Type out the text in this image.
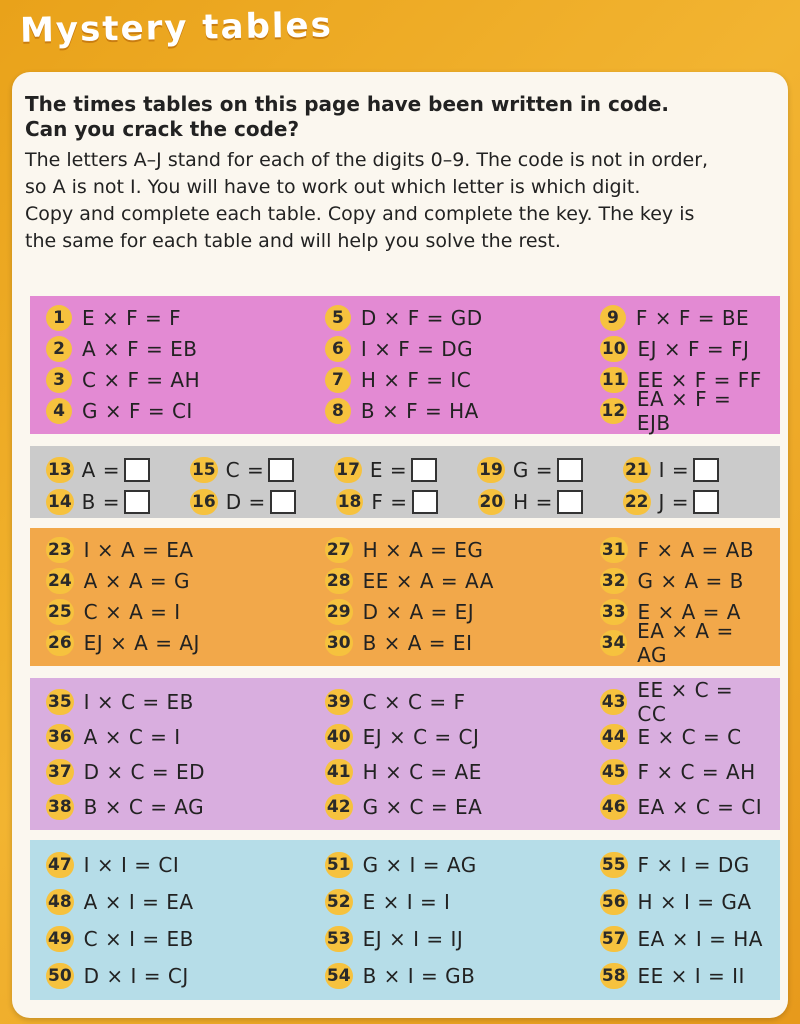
Mystery tables
The times tables on this page have been written in code.
Can you crack the code?

The letters A–J stand for each of the digits 0–9. The code is not in order,

so A is not I. You will have to work out which letter is which digit.

Copy and complete each table. Copy and complete the key. The key is

the same for each table and will help you solve the rest.

1 E × F = F
2 A × F = EB
3 C × F = AH
4 G × F = CI
5 D × F = GD
6 I × F = DG
7 H × F = IC
8 B × F = HA
9 F × F = BE
10 EJ × F = FJ
11 EE × F = FF
12 EA × F = EJB
13 A =	15 C =	17 E =	19 G =	21 I =
14 B =	16 D =	18 F =	20 H =	22 J =
23 I × A = EA
24 A × A = G
25 C × A = I
26 EJ × A = AJ
27 H × A = EG
28 EE × A = AA
29 D × A = EJ
30 B × A = EI
31 F × A = AB
32 G × A = B
33 E × A = A
34 EA × A = AG
35 I × C = EB
36 A × C = I
37 D × C = ED
38 B × C = AG
39 C × C = F
40 EJ × C = CJ
41 H × C = AE
42 G × C = EA
43 EE × C = CC
44 E × C = C
45 F × C = AH
46 EA × C = CI
47 I × I = CI
48 A × I = EA
49 C × I = EB
50 D × I = CJ
51 G × I = AG
52 E × I = I
53 EJ × I = IJ
54 B × I = GB
55 F × I = DG
56 H × I = GA
57 EA × I = HA
58 EE × I = II
